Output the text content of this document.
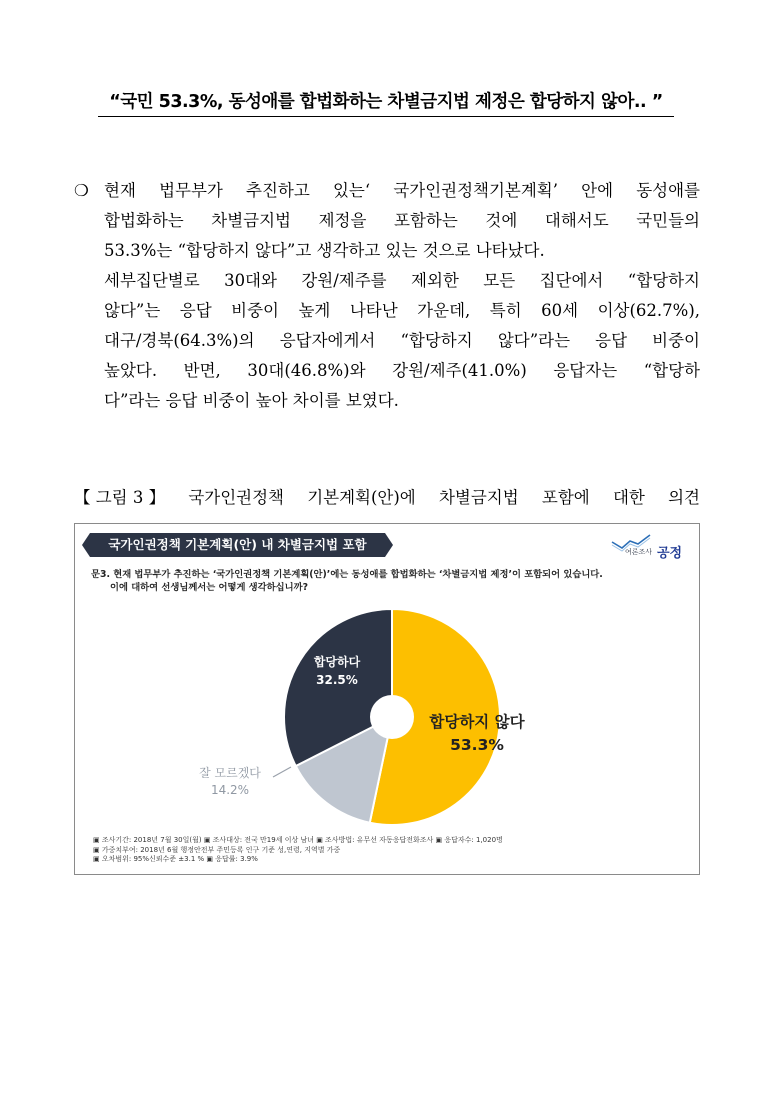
“국민 53.3%, 동성애를 합법화하는 차별금지법 제정은 합당하지 않아.. ”
❍ 현재 법무부가 추진하고 있는‘ 국가인권정책기본계획’ 안에 동성애를
합법화하는 차별금지법 제정을 포함하는 것에 대해서도 국민들의
53.3%는 “합당하지 않다”고 생각하고 있는 것으로 나타났다.
세부집단별로 30대와 강원/제주를 제외한 모든 집단에서 “합당하지
않다”는 응답 비중이 높게 나타난 가운데, 특히 60세 이상(62.7%),
대구/경북(64.3%)의 응답자에게서 “합당하지 않다”라는 응답 비중이
높았다. 반면, 30대(46.8%)와 강원/제주(41.0%) 응답자는 “합당하
다”라는 응답 비중이 높아 차이를 보였다.
【 그림 3 】 국가인권정책 기본계획(안)에 차별금지법 포함에 대한 의견
국가인권정책 기본계획(안) 내 차별금지법 포함	여론조사 공정
문3. 현재 법무부가 추진하는 ‘국가인권정책 기본계획(안)’에는 동성애를 합법화하는 ‘차별금지법 제정’이 포함되어 있습니다.
이에 대하여 선생님께서는 어떻게 생각하십니까?
합당하지 않다
53.3%
합당하다
32.5%
잘 모르겠다
14.2%
▣ 조사기간: 2018년 7월 30일(월) ▣ 조사대상: 전국 만19세 이상 남녀 ▣ 조사방법: 유무선 자동응답전화조사 ▣ 응답자수: 1,020명
▣ 가중치부여: 2018년 6월 행정안전부 주민등록 인구 기준 성,연령, 지역별 가중
▣ 오차범위: 95%신뢰수준 ±3.1 % ▣ 응답률: 3.9%
